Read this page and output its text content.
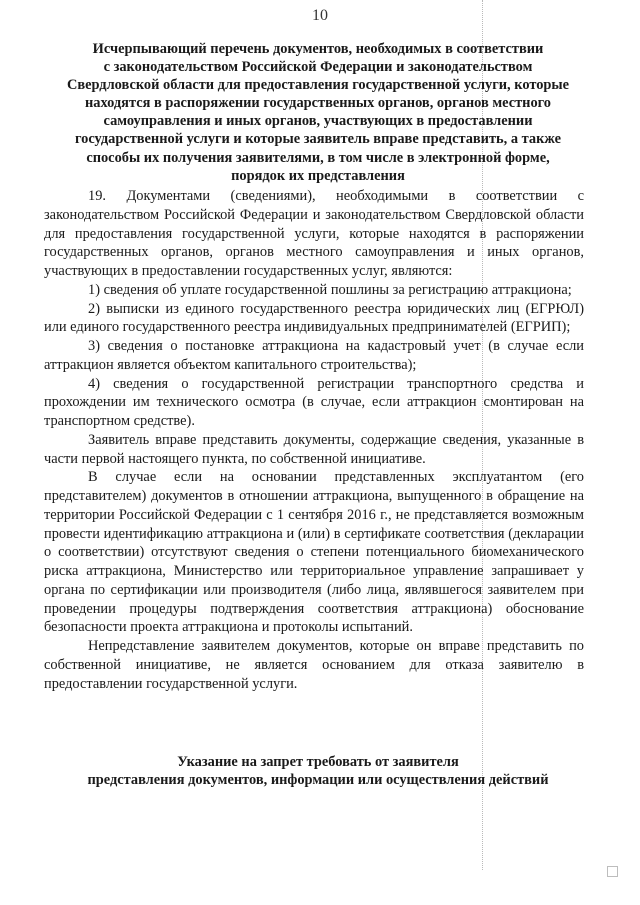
10
Исчерпывающий перечень документов, необходимых в соответствии
с законодательством Российской Федерации и законодательством
Свердловской области для предоставления государственной услуги, которые
находятся в распоряжении государственных органов, органов местного
самоуправления и иных органов, участвующих в предоставлении
государственной услуги и которые заявитель вправе представить, а также
способы их получения заявителями, в том числе в электронной форме,
порядок их представления

19. Документами (сведениями), необходимыми в соответствии с законодательством Российской Федерации и законодательством Свердловской области для предоставления государственной услуги, которые находятся в распоряжении государственных органов, органов местного самоуправления и иных органов, участвующих в предоставлении государственных услуг, являются:

1) сведения об уплате государственной пошлины за регистрацию аттракциона;

2) выписки из единого государственного реестра юридических лиц (ЕГРЮЛ) или единого государственного реестра индивидуальных предпринимателей (ЕГРИП);

3) сведения о постановке аттракциона на кадастровый учет (в случае если аттракцион является объектом капитального строительства);

4) сведения о государственной регистрации транспортного средства и прохождении им технического осмотра (в случае, если аттракцион смонтирован на транспортном средстве).

Заявитель вправе представить документы, содержащие сведения, указанные в части первой настоящего пункта, по собственной инициативе.

В случае если на основании представленных эксплуатантом (его представителем) документов в отношении аттракциона, выпущенного в обращение на территории Российской Федерации с 1 сентября 2016 г., не представляется возможным провести идентификацию аттракциона и (или) в сертификате соответствия (декларации о соответствии) отсутствуют сведения о степени потенциального биомеханического риска аттракциона, Министерство или территориальное управление запрашивает у органа по сертификации или производителя (либо лица, являвшегося заявителем при проведении процедуры подтверждения соответствия аттракциона) обоснование безопасности проекта аттракциона и протоколы испытаний.

Непредставление заявителем документов, которые он вправе представить по собственной инициативе, не является основанием для отказа заявителю в предоставлении государственной услуги.

Указание на запрет требовать от заявителя
представления документов, информации или осуществления действий
